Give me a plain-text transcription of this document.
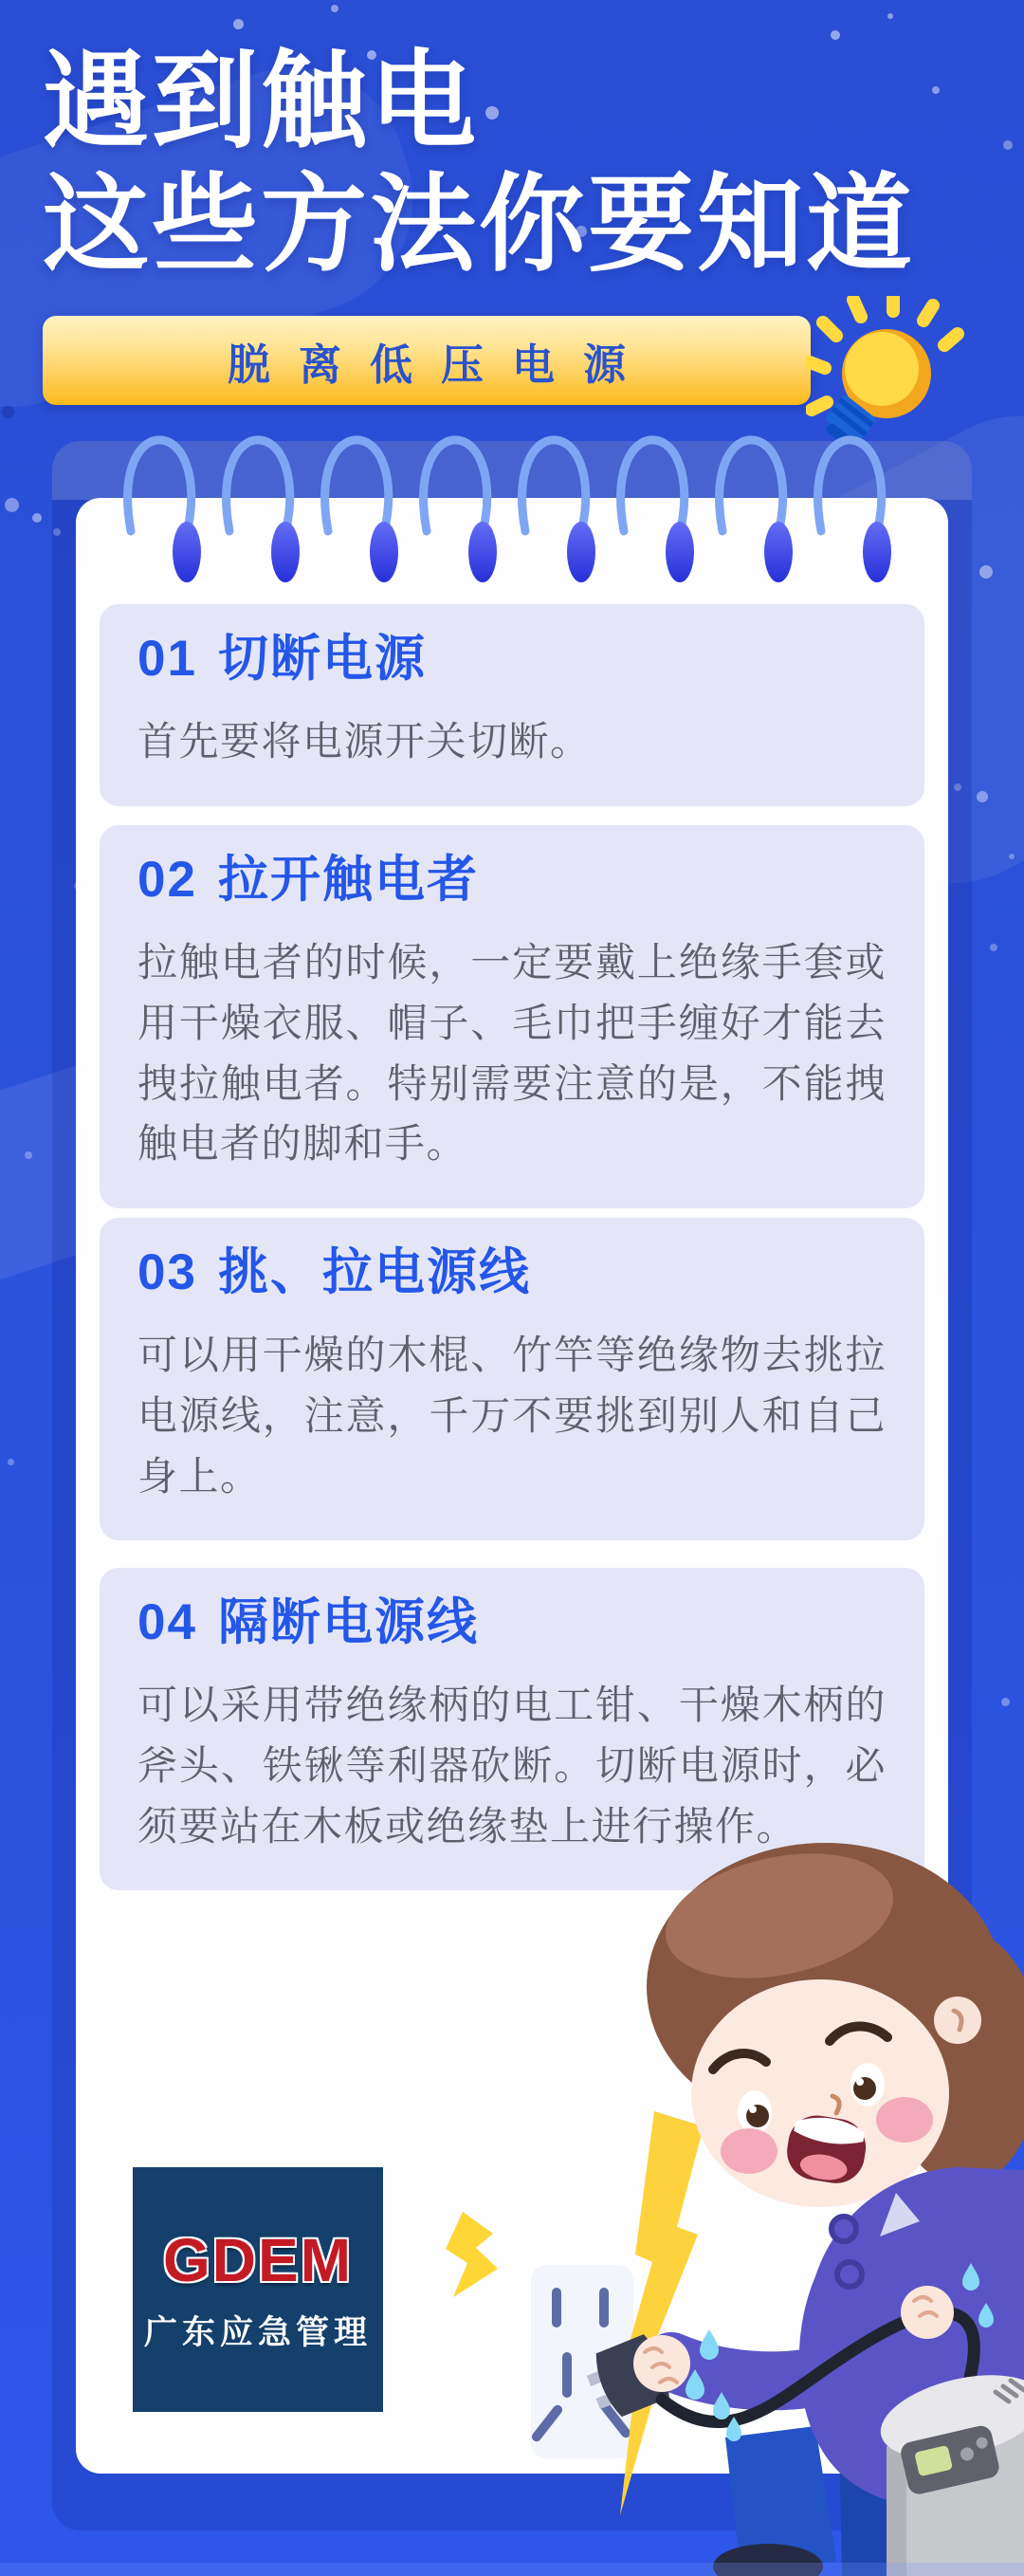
遇到触电
这些方法你要知道
脱离低压电源
01 切断电源
首先要将电源开关切断。
02 拉开触电者
拉触电者的时候，一定要戴上绝缘手套或用干燥衣服、帽子、毛巾把手缠好才能去拽拉触电者。特别需要注意的是，不能拽触电者的脚和手。
03 挑、拉电源线
可以用干燥的木棍、竹竿等绝缘物去挑拉电源线，注意，千万不要挑到别人和自己身上。
04 隔断电源线
可以采用带绝缘柄的电工钳、干燥木柄的斧头、铁锹等利器砍断。切断电源时，必须要站在木板或绝缘垫上进行操作。
GDEM
广东应急管理
